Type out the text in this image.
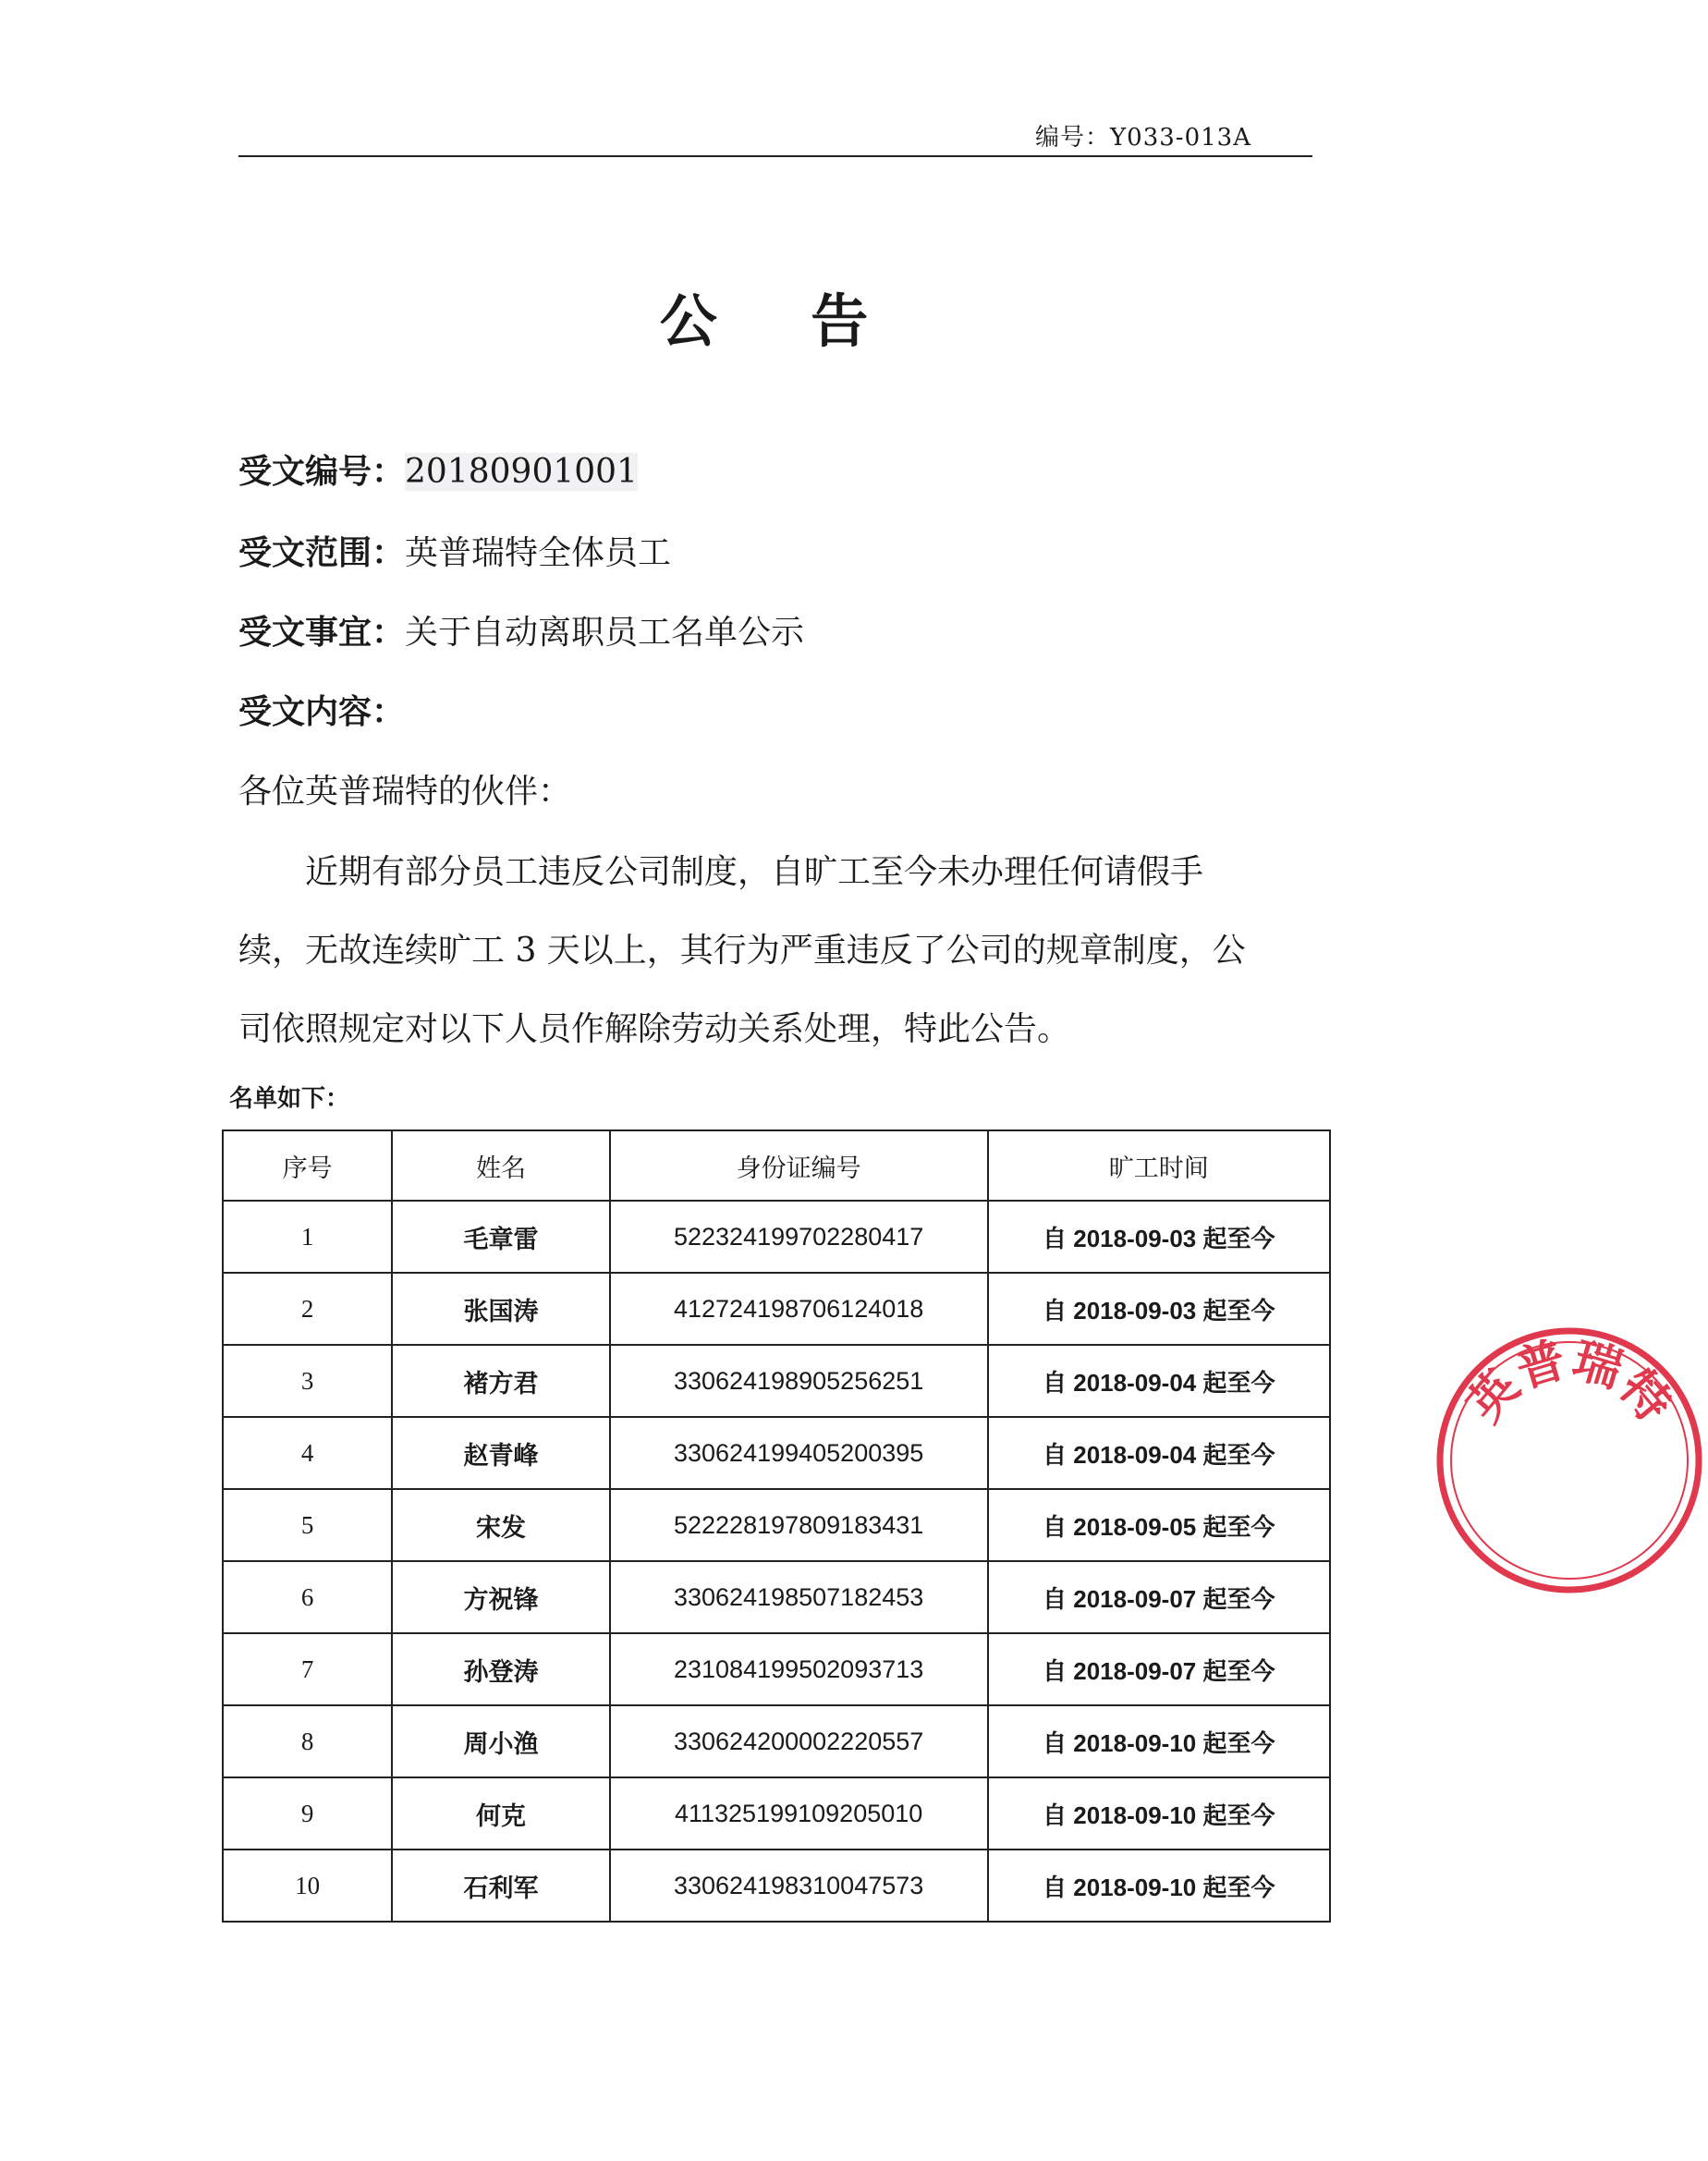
编号：Y033-013A
公 告
受文编号：20180901001
受文范围：英普瑞特全体员工
受文事宜：关于自动离职员工名单公示
受文内容：
各位英普瑞特的伙伴：
近期有部分员工违反公司制度，自旷工至今未办理任何请假手
续，无故连续旷工 3 天以上，其行为严重违反了公司的规章制度，公
司依照规定对以下人员作解除劳动关系处理，特此公告。
名单如下：
序号	姓名	身份证编号	旷工时间
1	毛章雷	522324199702280417	自 2018-09-03 起至今
2	张国涛	412724198706124018	自 2018-09-03 起至今
3	褚方君	330624198905256251	自 2018-09-04 起至今
4	赵青峰	330624199405200395	自 2018-09-04 起至今
5	宋发	522228197809183431	自 2018-09-05 起至今
6	方祝锋	330624198507182453	自 2018-09-07 起至今
7	孙登涛	231084199502093713	自 2018-09-07 起至今
8	周小渔	330624200002220557	自 2018-09-10 起至今
9	何克	411325199109205010	自 2018-09-10 起至今
10	石利军	330624198310047573	自 2018-09-10 起至今
英普瑞特
